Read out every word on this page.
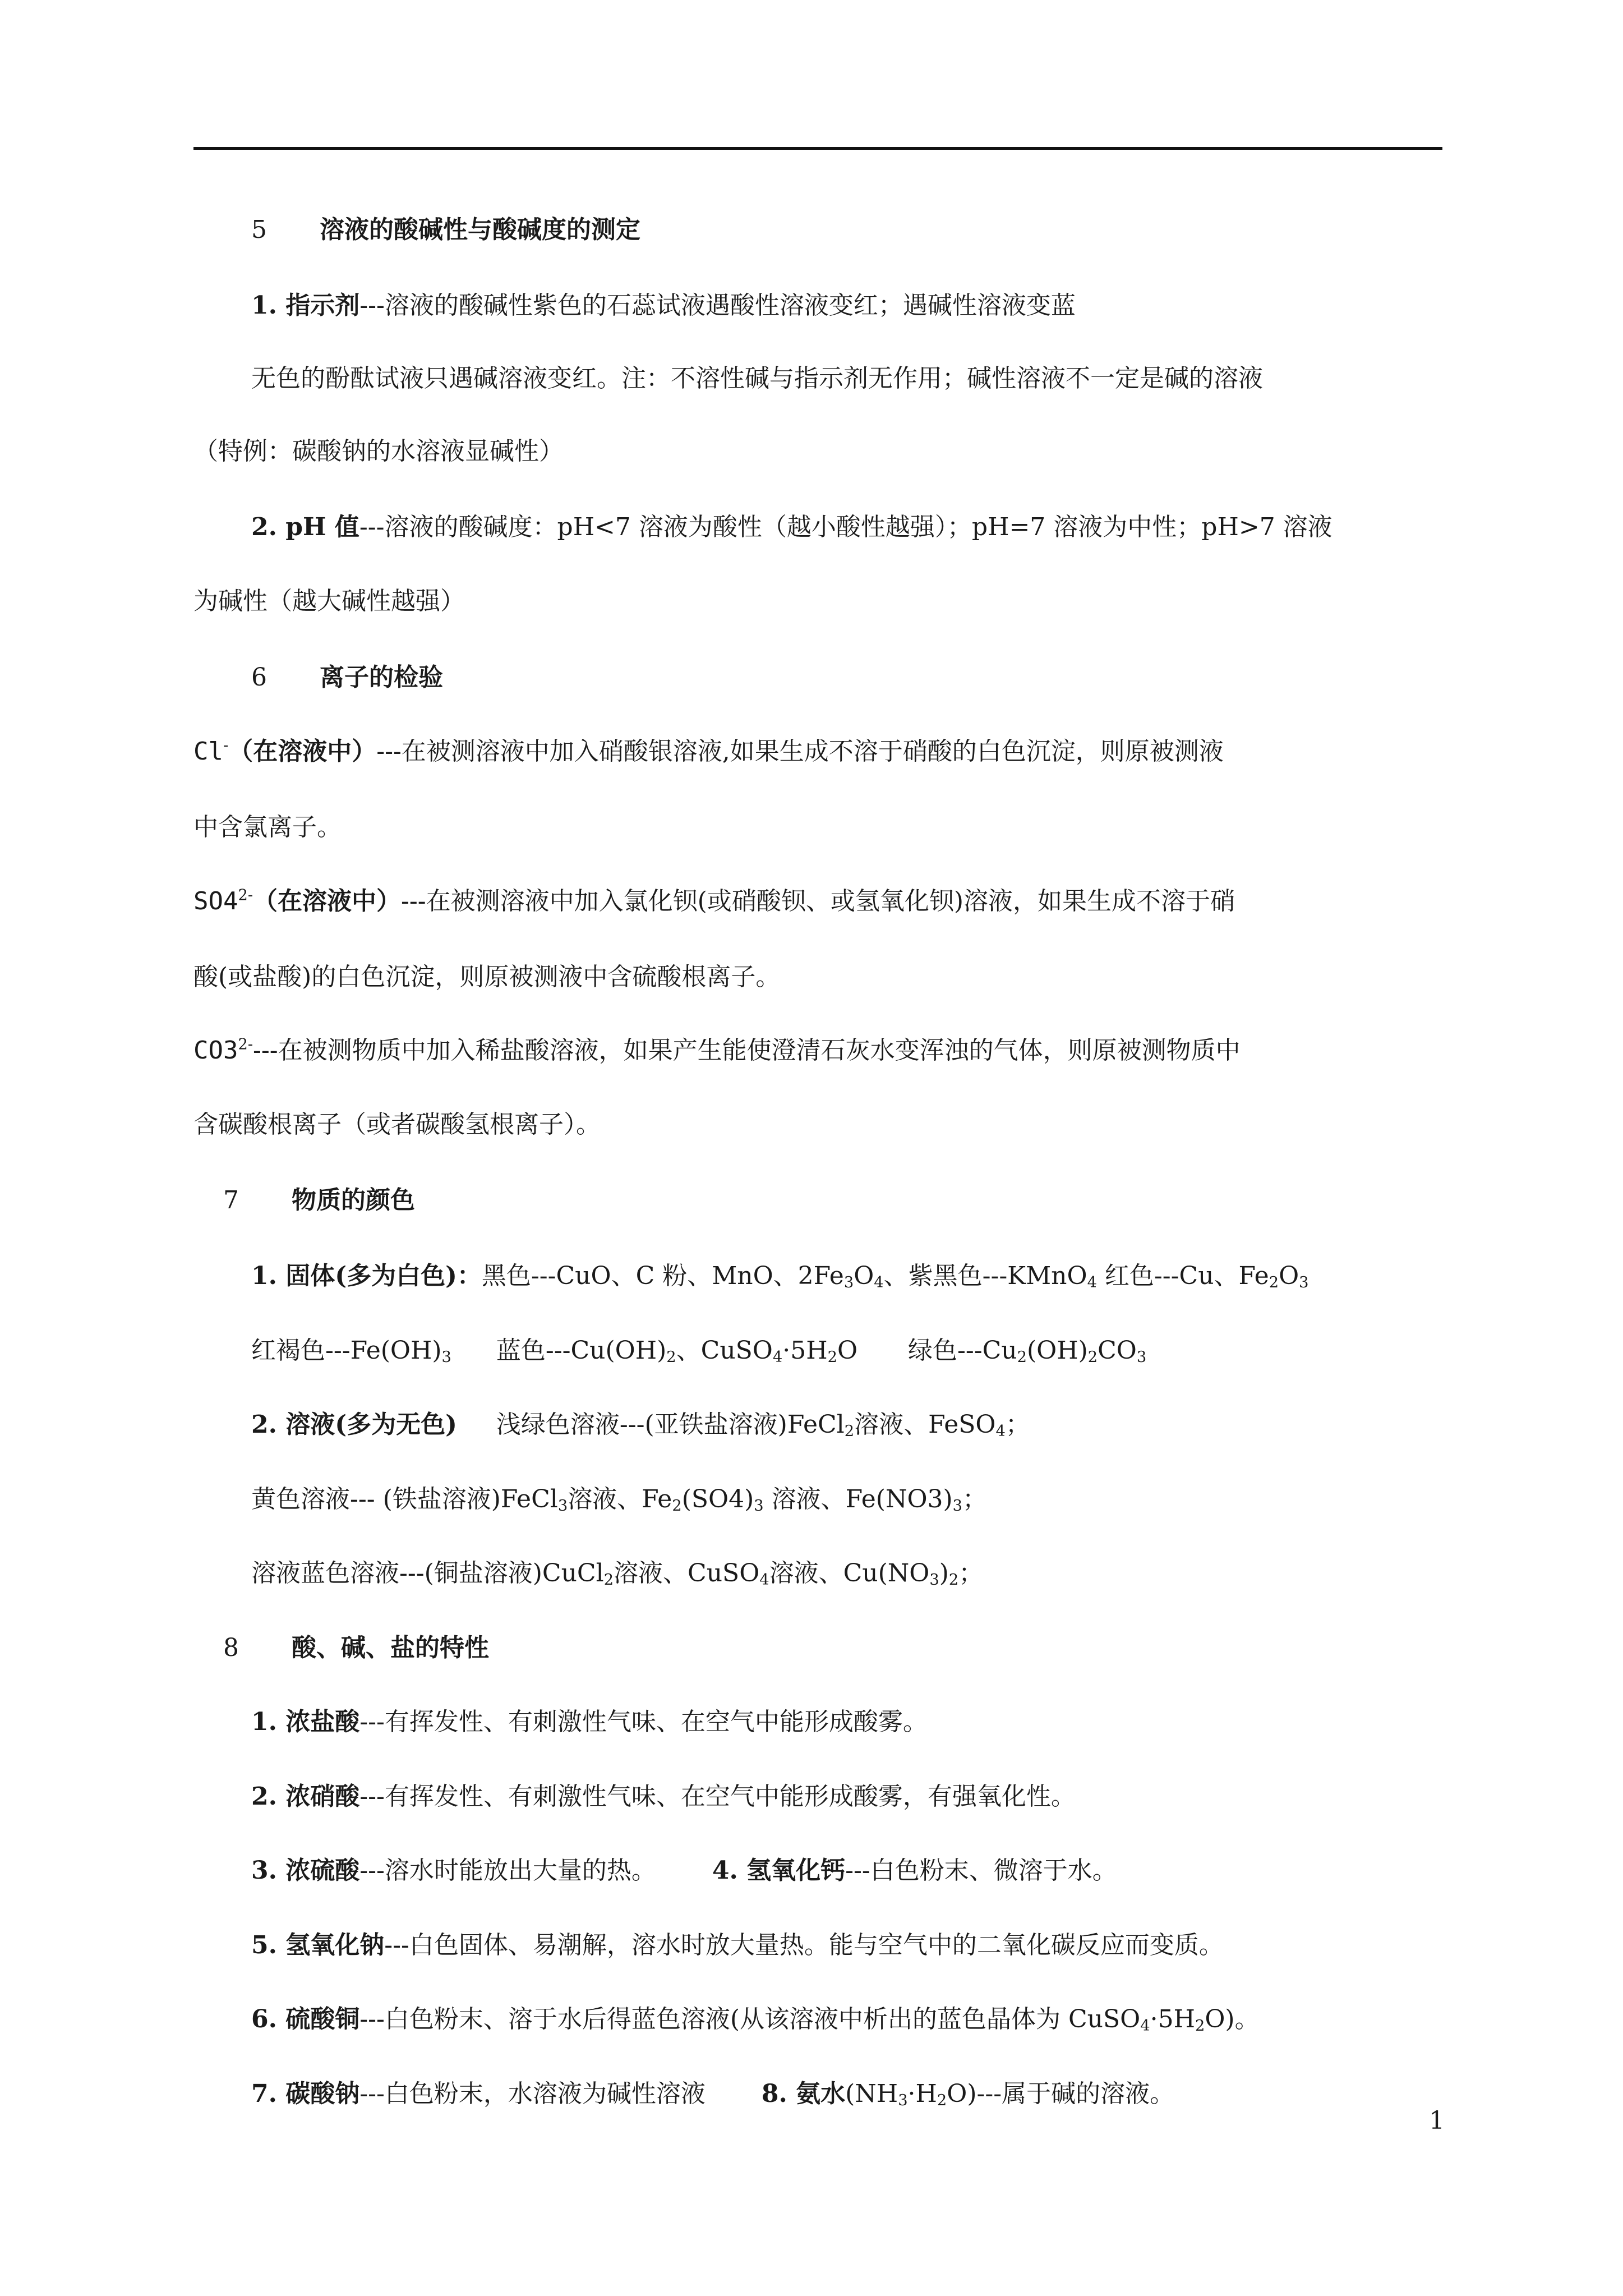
5 溶液的酸碱性与酸碱度的测定
1. 指示剂---溶液的酸碱性紫色的石蕊试液遇酸性溶液变红；遇碱性溶液变蓝
无色的酚酞试液只遇碱溶液变红。注：不溶性碱与指示剂无作用；碱性溶液不一定是碱的溶液
（特例：碳酸钠的水溶液显碱性）
2. pH 值---溶液的酸碱度：pH<7 溶液为酸性（越小酸性越强）；pH=7 溶液为中性；pH>7 溶液
为碱性（越大碱性越强）
6 离子的检验
Cl-（在溶液中）---在被测溶液中加入硝酸银溶液,如果生成不溶于硝酸的白色沉淀，则原被测液
中含氯离子。
$SO4^{2-}$（在溶液中）---在被测溶液中加入氯化钡(或硝酸钡、或氢氧化钡)溶液，如果生成不溶于硝
酸(或盐酸)的白色沉淀，则原被测液中含硫酸根离子。
$CO3^{2-}---$在被测物质中加入稀盐酸溶液，如果产生能使澄清石灰水变浑浊的气体，则原被测物质中
含碳酸根离子（或者碳酸氢根离子）。
7 物质的颜色
1. 固体(多为白色)：黑色---CuO、C 粉、MnO、$2Fe_3O_4$、紫黑色---KMnO$_4$ 红色---Cu、$Fe_2O_3$
红褐色$---Fe(OH)_3$ 蓝色$---Cu(OH)_2$、$CuSO_4\cdot 5H_2O$ 绿色$---Cu_2(OH)_2CO_3$
2. 溶液(多为无色) 浅绿色溶液---(亚铁盐溶液)FeCl$_2$溶液、FeSO$_4$；
黄色溶液--- (铁盐溶液)FeCl$_3$溶液、$Fe_2(SO4)_3$ 溶液、$Fe(NO3)_3$；
溶液蓝色溶液---(铜盐溶液)CuCl$_2$溶液、CuSO$_4$溶液、$Cu(NO_3)_2$；
8 酸、碱、盐的特性
1. 浓盐酸---有挥发性、有刺激性气味、在空气中能形成酸雾。
2. 浓硝酸---有挥发性、有刺激性气味、在空气中能形成酸雾，有强氧化性。
3. 浓硫酸---溶水时能放出大量的热。 4. 氢氧化钙---白色粉末、微溶于水。
5. 氢氧化钠---白色固体、易潮解，溶水时放大量热。能与空气中的二氧化碳反应而变质。
6. 硫酸铜---白色粉末、溶于水后得蓝色溶液(从该溶液中析出的蓝色晶体为 $CuSO_4\cdot 5H_2O$)。
7. 碳酸钠---白色粉末，水溶液为碱性溶液 8. 氨水$(NH_3\cdot H_2O)---$属于碱的溶液。
1
